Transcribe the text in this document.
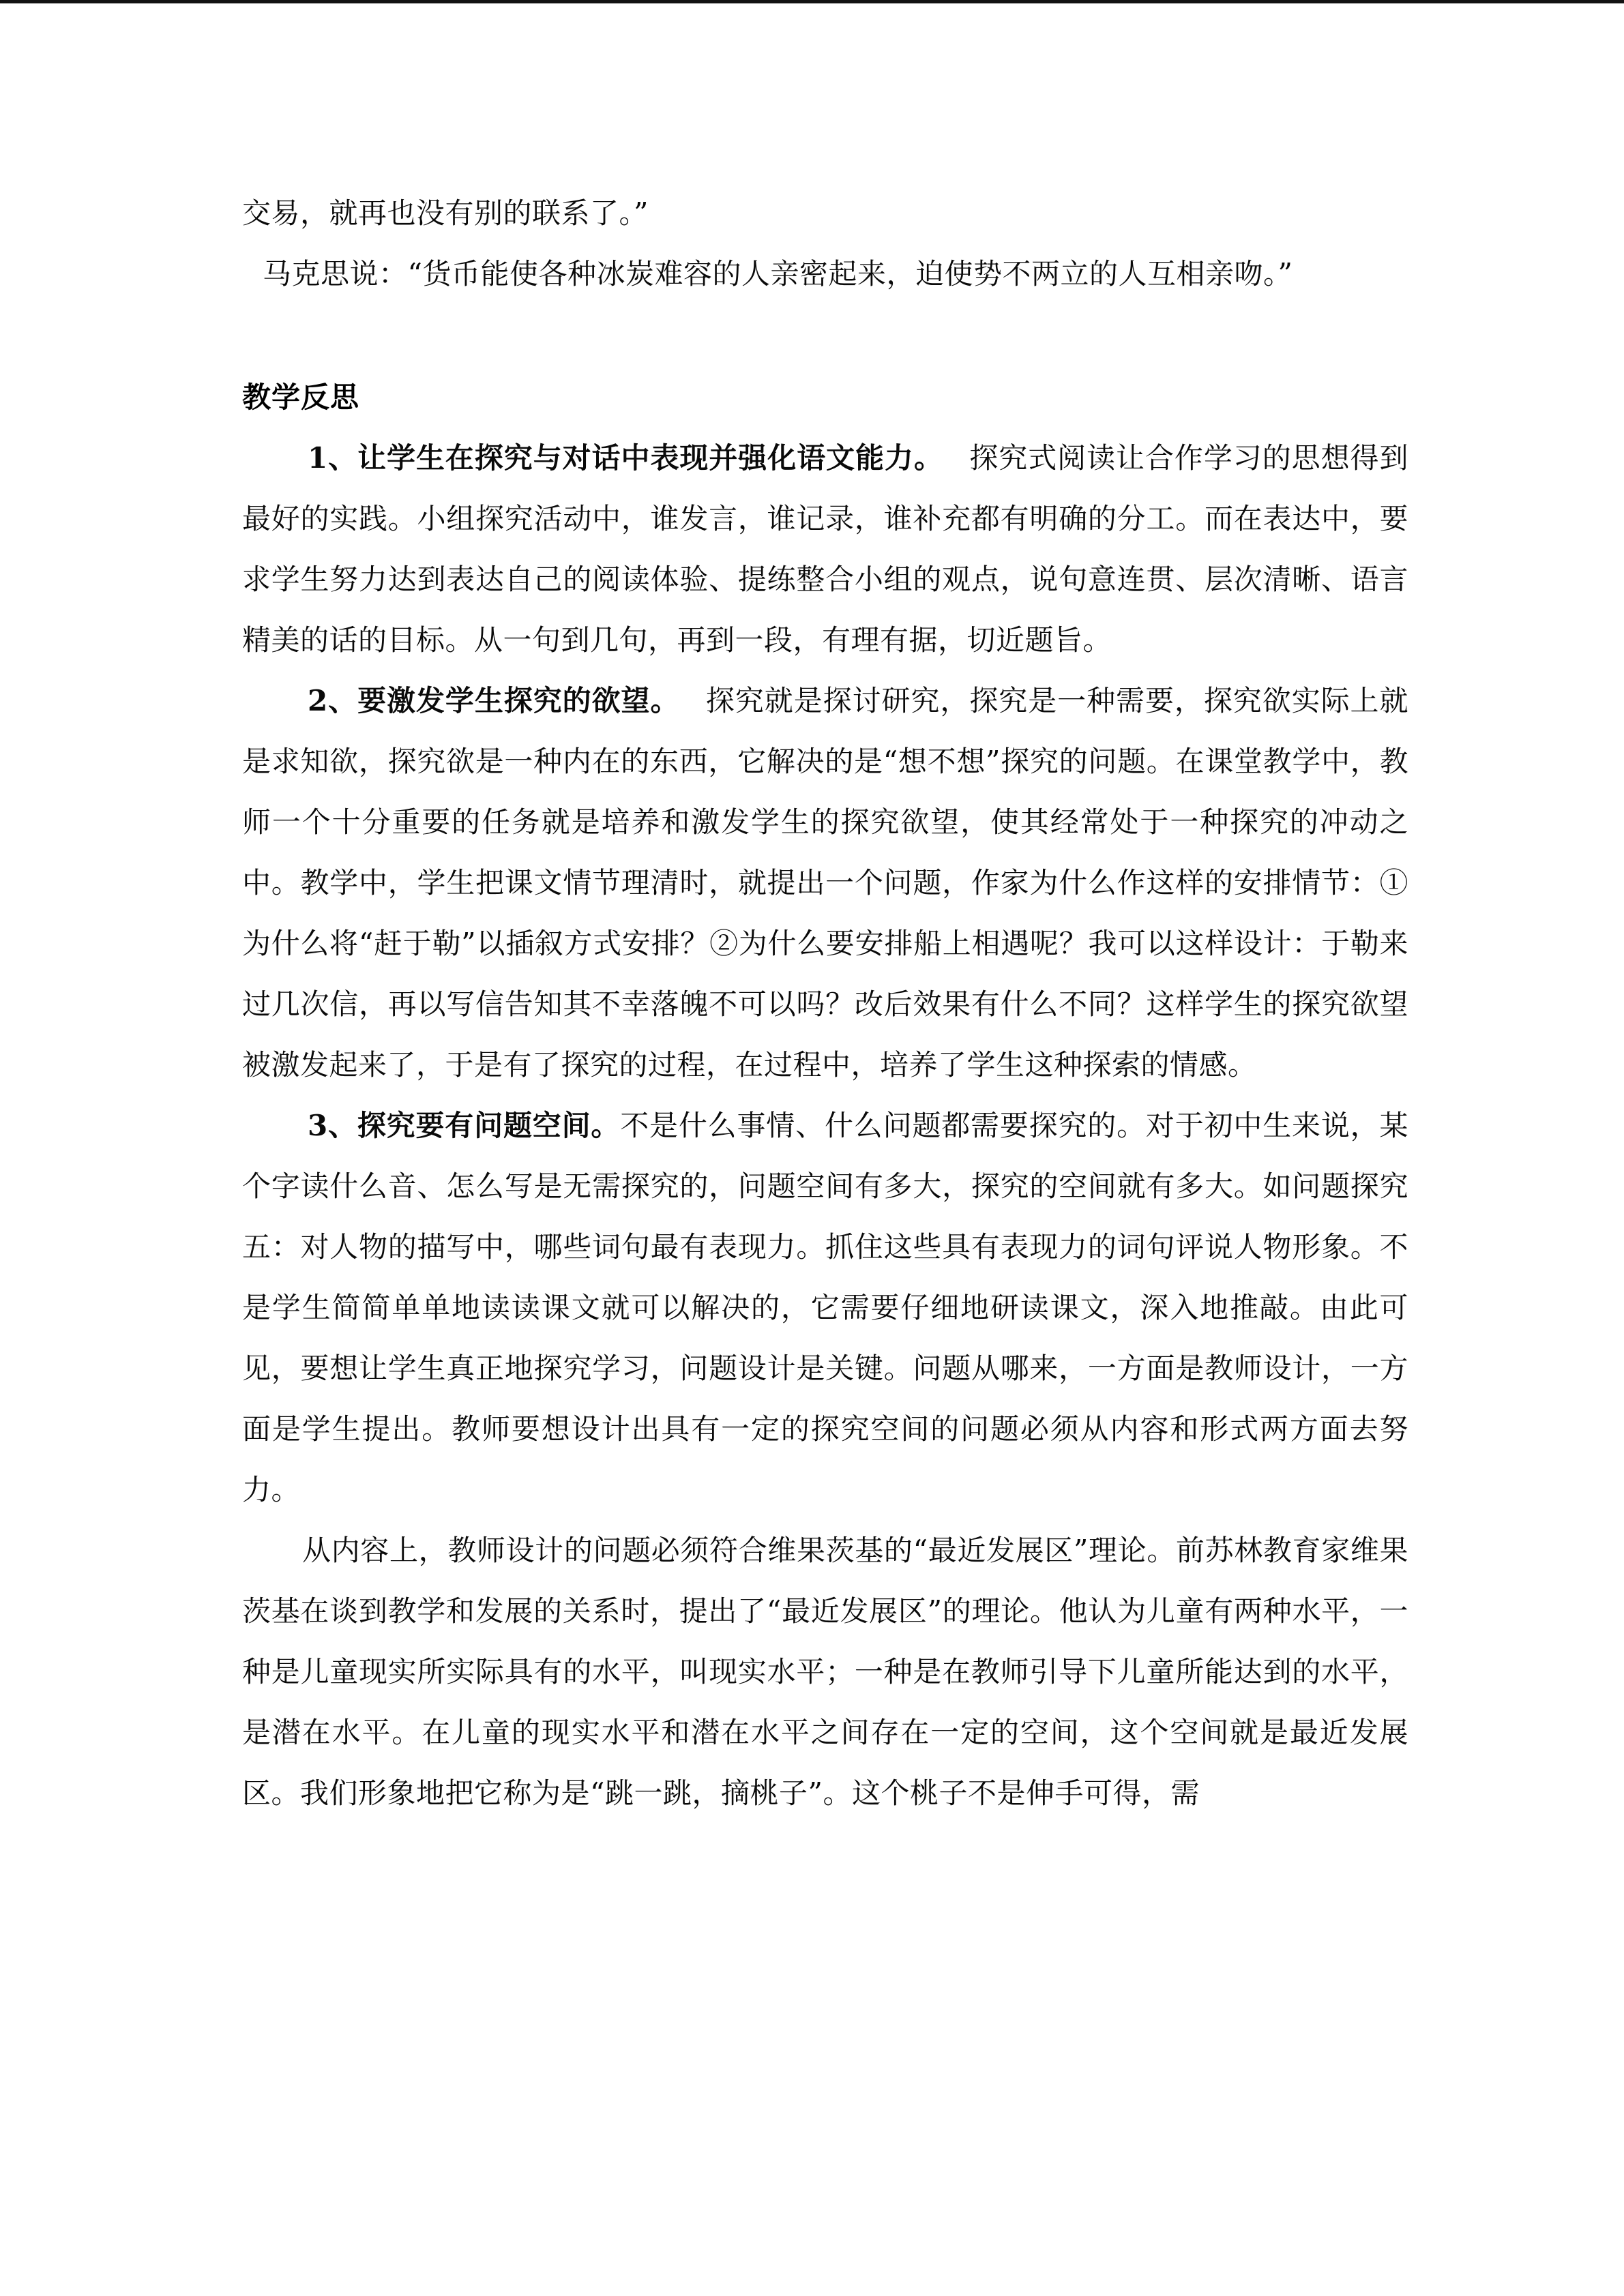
交易，就再也没有别的联系了。”

马克思说：“货币能使各种冰炭难容的人亲密起来，迫使势不两立的人互相亲吻。”

教学反思

1、让学生在探究与对话中表现并强化语文能力。 探究式阅读让合作学习的思想得到最好的实践。小组探究活动中，谁发言，谁记录，谁补充都有明确的分工。而在表达中，要求学生努力达到表达自己的阅读体验、提练整合小组的观点，说句意连贯、层次清晰、语言精美的话的目标。从一句到几句，再到一段，有理有据，切近题旨。

2、要激发学生探究的欲望。 探究就是探讨研究，探究是一种需要，探究欲实际上就是求知欲，探究欲是一种内在的东西，它解决的是“想不想”探究的问题。在课堂教学中，教师一个十分重要的任务就是培养和激发学生的探究欲望，使其经常处于一种探究的冲动之中。教学中，学生把课文情节理清时，就提出一个问题，作家为什么作这样的安排情节：①为什么将“赶于勒”以插叙方式安排？②为什么要安排船上相遇呢？我可以这样设计：于勒来过几次信，再以写信告知其不幸落魄不可以吗？改后效果有什么不同？这样学生的探究欲望被激发起来了，于是有了探究的过程，在过程中，培养了学生这种探索的情感。

3、探究要有问题空间。不是什么事情、什么问题都需要探究的。对于初中生来说，某个字读什么音、怎么写是无需探究的，问题空间有多大，探究的空间就有多大。如问题探究五：对人物的描写中，哪些词句最有表现力。抓住这些具有表现力的词句评说人物形象。不是学生简简单单地读读课文就可以解决的，它需要仔细地研读课文，深入地推敲。由此可见，要想让学生真正地探究学习，问题设计是关键。问题从哪来，一方面是教师设计，一方面是学生提出。教师要想设计出具有一定的探究空间的问题必须从内容和形式两方面去努力。

从内容上，教师设计的问题必须符合维果茨基的“最近发展区”理论。前苏林教育家维果茨基在谈到教学和发展的关系时，提出了“最近发展区”的理论。他认为儿童有两种水平，一种是儿童现实所实际具有的水平，叫现实水平；一种是在教师引导下儿童所能达到的水平，是潜在水平。在儿童的现实水平和潜在水平之间存在一定的空间，这个空间就是最近发展区。我们形象地把它称为是“跳一跳，摘桃子”。这个桃子不是伸手可得，需
